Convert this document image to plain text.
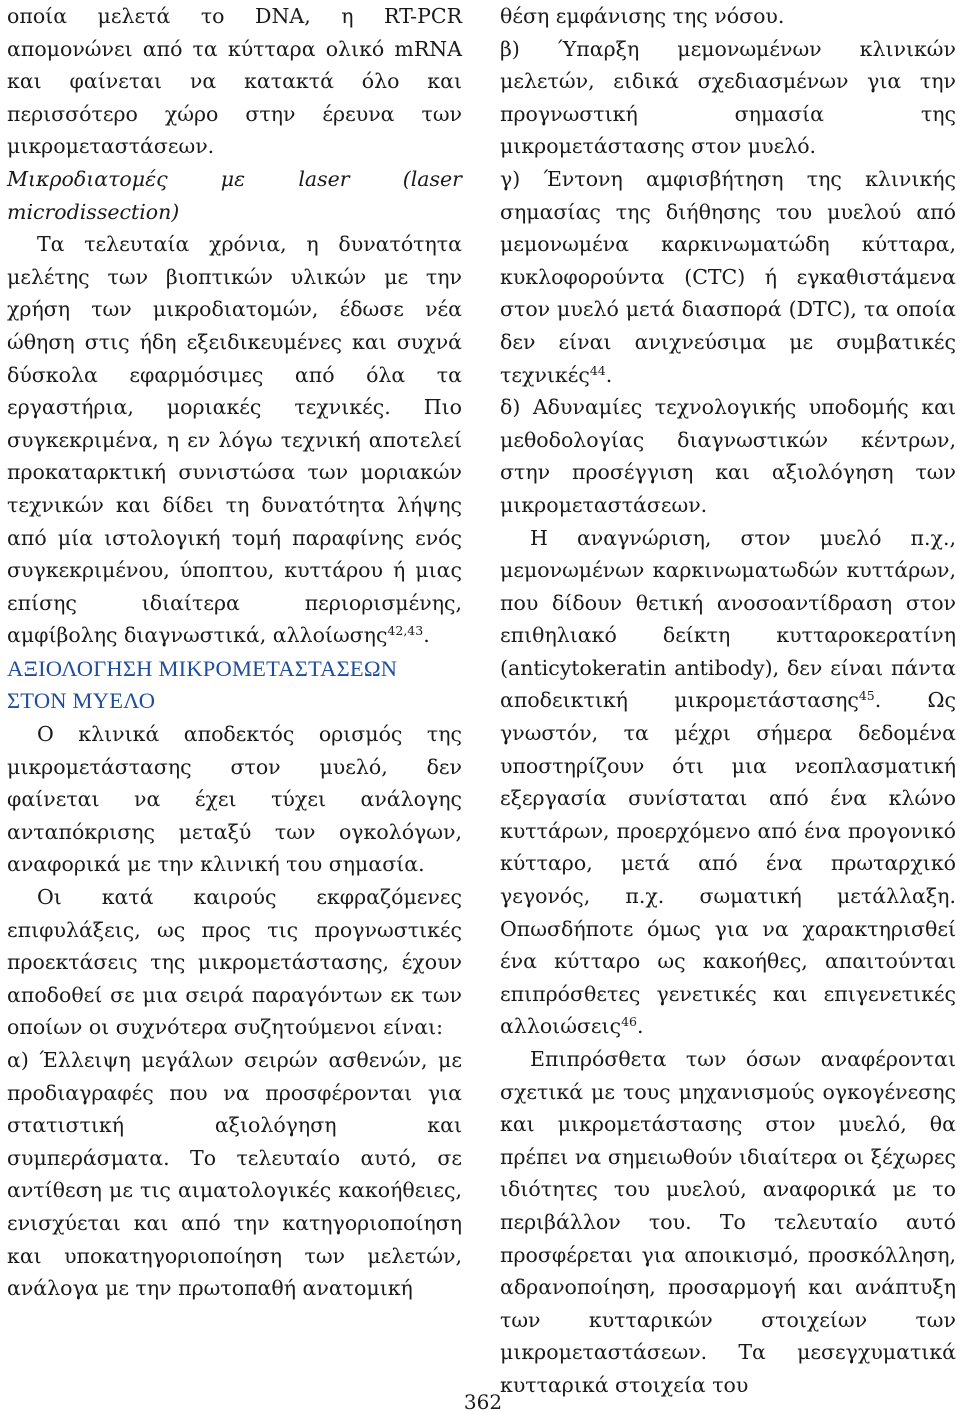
οποία μελετά το DNA, η RT-PCR απομονώνει από τα κύτταρα ολικό mRNA και φαίνεται να κατακτά όλο και περισσότερο χώρο στην έρευνα των μικρομεταστάσεων.

Μικροδιατομές με laser (laser microdissection)

Τα τελευταία χρόνια, η δυνατότητα μελέτης των βιοπτικών υλικών με την χρήση των μικροδιατομών, έδωσε νέα ώθηση στις ήδη εξειδικευμένες και συχνά δύσκολα εφαρμόσιμες από όλα τα εργαστήρια, μοριακές τεχνικές. Πιο συγκεκριμένα, η εν λόγω τεχνική αποτελεί προκαταρκτική συνιστώσα των μοριακών τεχνικών και δίδει τη δυνατότητα λήψης από μία ιστολογική τομή παραφίνης ενός συγκεκριμένου, ύποπτου, κυττάρου ή μιας επίσης ιδιαίτερα περιορισμένης, αμφίβολης διαγνωστικά, αλλοίωσης$^{42,43}$.

ΑΞΙΟΛΟΓΗΣΗ ΜΙΚΡΟΜΕΤΑΣΤΑΣΕΩΝ ΣΤΟΝ ΜΥΕΛΟ

Ο κλινικά αποδεκτός ορισμός της μικρομετάστασης στον μυελό, δεν φαίνεται να έχει τύχει ανάλογης ανταπόκρισης μεταξύ των ογκολόγων, αναφορικά με την κλινική του σημασία.

Οι κατά καιρούς εκφραζόμενες επιφυλάξεις, ως προς τις προγνωστικές προεκτάσεις της μικρομετάστασης, έχουν αποδοθεί σε μια σειρά παραγόντων εκ των οποίων οι συχνότερα συζητούμενοι είναι:

α) Έλλειψη μεγάλων σειρών ασθενών, με προδιαγραφές που να προσφέρονται για στατιστική αξιολόγηση και συμπεράσματα. Το τελευταίο αυτό, σε αντίθεση με τις αιματολογικές κακοήθειες, ενισχύεται και από την κατηγοριοποίηση και υποκατηγοριοποίηση των μελετών, ανάλογα με την πρωτοπαθή ανατομική

θέση εμφάνισης της νόσου.

β) Ύπαρξη μεμονωμένων κλινικών μελετών, ειδικά σχεδιασμένων για την προγνωστική σημασία της μικρομετάστασης στον μυελό.

γ) Έντονη αμφισβήτηση της κλινικής σημασίας της διήθησης του μυελού από μεμονωμένα καρκινωματώδη κύτταρα, κυκλοφορούντα (CTC) ή εγκαθιστάμενα στον μυελό μετά διασπορά (DTC), τα οποία δεν είναι ανιχνεύσιμα με συμβατικές τεχνικές$^{44}$.

δ) Αδυναμίες τεχνολογικής υποδομής και μεθοδολογίας διαγνωστικών κέντρων, στην προσέγγιση και αξιολόγηση των μικρομεταστάσεων.

Η αναγνώριση, στον μυελό π.χ., μεμονωμένων καρκινωματωδών κυττάρων, που δίδουν θετική ανοσοαντίδραση στον επιθηλιακό δείκτη κυτταροκερατίνη (anticytokeratin antibody), δεν είναι πάντα αποδεικτική μικρομετάστασης$^{45}$. Ως γνωστόν, τα μέχρι σήμερα δεδομένα υποστηρίζουν ότι μια νεοπλασματική εξεργασία συνίσταται από ένα κλώνο κυττάρων, προερχόμενο από ένα προγονικό κύτταρο, μετά από ένα πρωταρχικό γεγονός, π.χ. σωματική μετάλλαξη. Οπωσδήποτε όμως για να χαρακτηρισθεί ένα κύτταρο ως κακοήθες, απαιτούνται επιπρόσθετες γενετικές και επιγενετικές αλλοιώσεις$^{46}$.

Επιπρόσθετα των όσων αναφέρονται σχετικά με τους μηχανισμούς ογκογένεσης και μικρομετάστασης στον μυελό, θα πρέπει να σημειωθούν ιδιαίτερα οι ξέχωρες ιδιότητες του μυελού, αναφορικά με το περιβάλλον του. Το τελευταίο αυτό προσφέρεται για αποικισμό, προσκόλληση, αδρανοποίηση, προσαρμογή και ανάπτυξη των κυτταρικών στοιχείων των μικρομεταστάσεων. Τα μεσεγχυματικά κυτταρικά στοιχεία του

362
